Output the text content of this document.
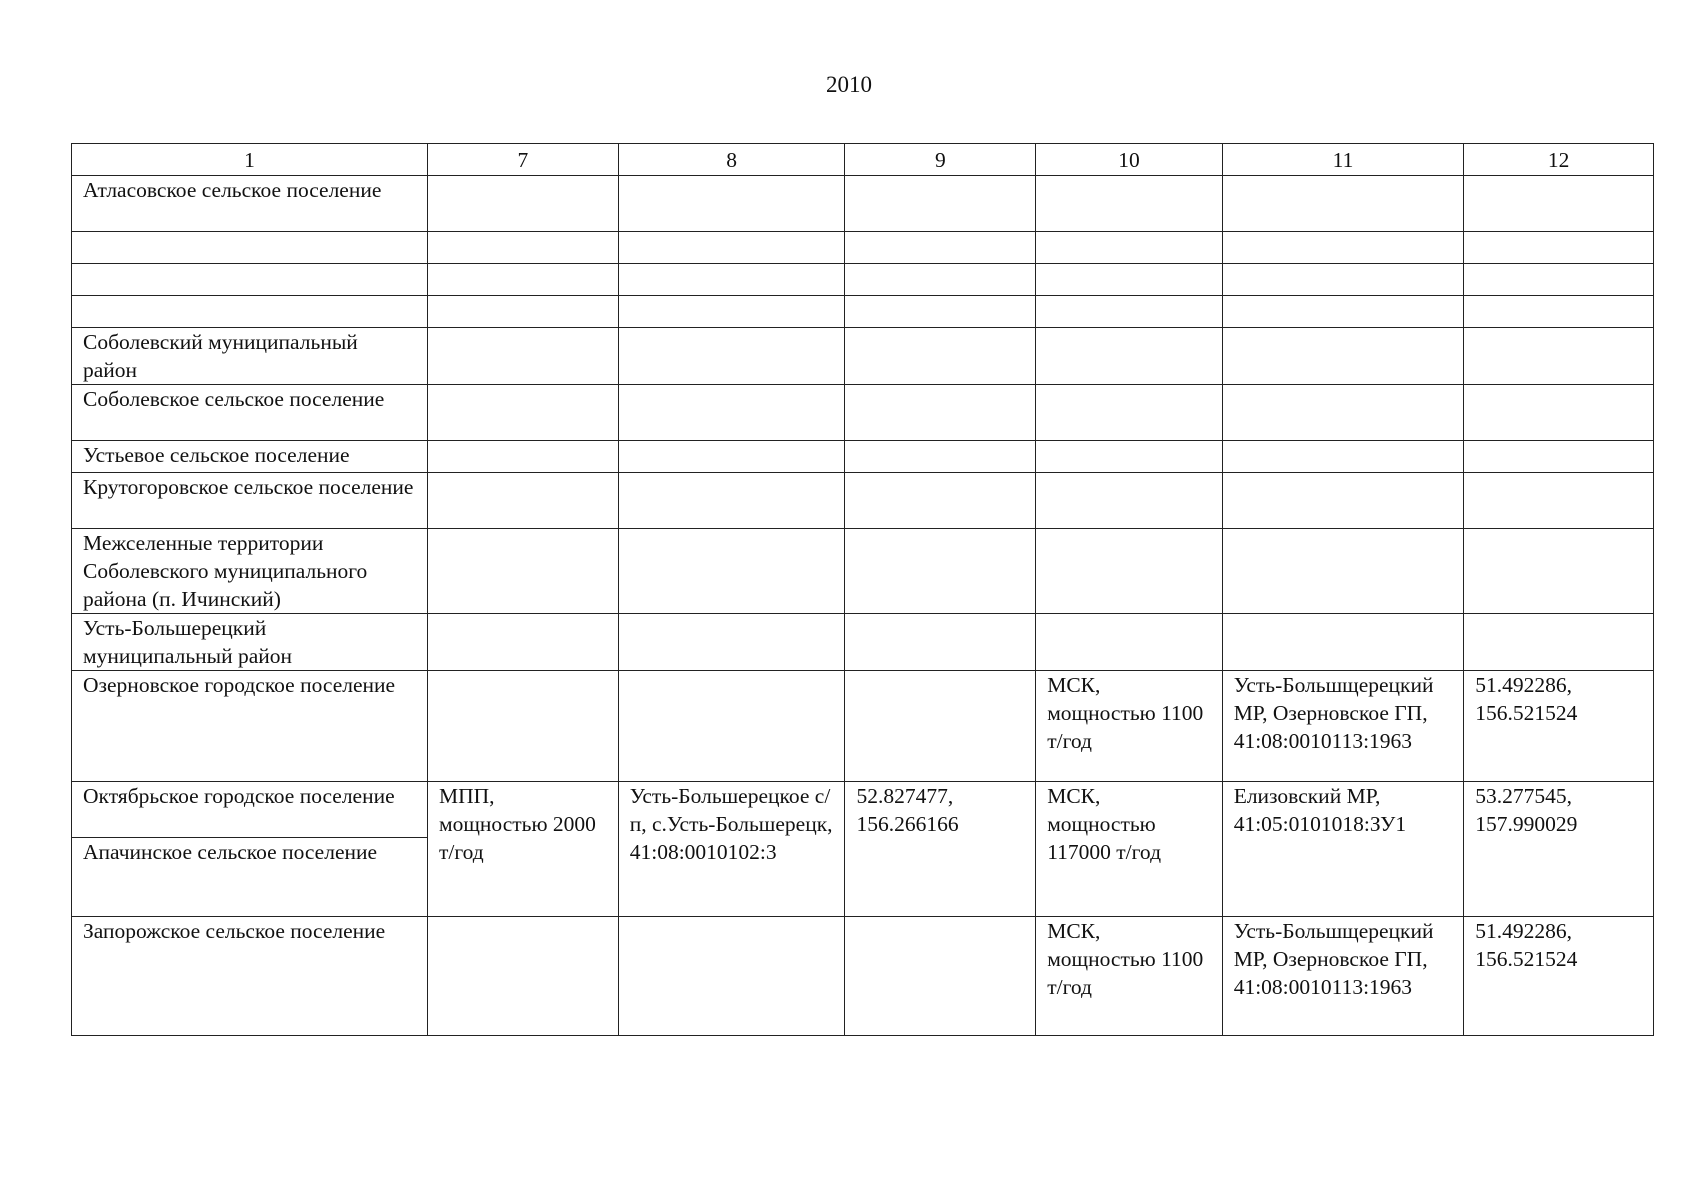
2010
1	7	8	9	10	11	12
Атласовское сельское поселение						

Соболевский муниципальный район						
Соболевское сельское поселение						
Устьевое сельское поселение						
Крутогоровское сельское поселение						
Межселенные территории Соболевского муниципального района (п. Ичинский)						
Усть-Большерецкий муниципальный район						
Озерновское городское поселение				МСК, мощностью 1100 т/год	Усть-Большщерецкий МР, Озерновское ГП, 41:08:0010113:1963	51.492286, 156.521524
Октябрьское городское поселение	МПП, мощностью 2000 т/год	Усть-Большерецкое с/п, с.Усть-Большерецк, 41:08:0010102:3	52.827477, 156.266166	МСК, мощностью 117000 т/год	Елизовский МР, 41:05:0101018:ЗУ1	53.277545, 157.990029
Апачинское сельское поселение						
Запорожское сельское поселение				МСК, мощностью 1100 т/год	Усть-Большщерецкий МР, Озерновское ГП, 41:08:0010113:1963	51.492286, 156.521524
